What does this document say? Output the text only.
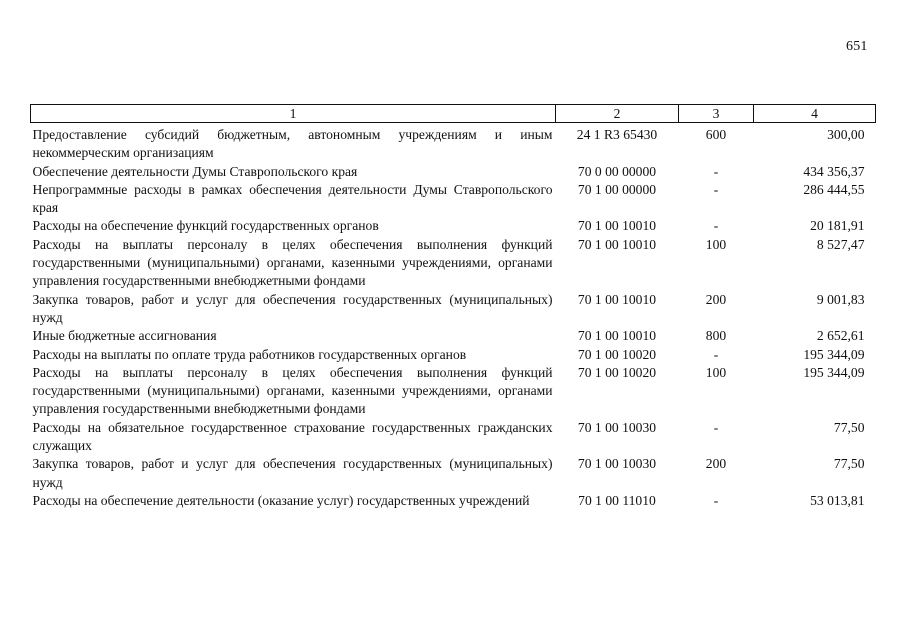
651
1	2	3	4
Предоставление субсидий бюджетным, автономным учреждениям и иным некоммерческим организациям	24 1 R3 65430	600	300,00
Обеспечение деятельности Думы Ставропольского края	70 0 00 00000	-	434 356,37
Непрограммные расходы в рамках обеспечения деятельности Думы Ставропольского края	70 1 00 00000	-	286 444,55
Расходы на обеспечение функций государственных органов	70 1 00 10010	-	20 181,91
Расходы на выплаты персоналу в целях обеспечения выполнения функций государственными (муниципальными) органами, казенными учреждениями, органами управления государственными внебюджетными фондами	70 1 00 10010	100	8 527,47
Закупка товаров, работ и услуг для обеспечения государственных (муниципальных) нужд	70 1 00 10010	200	9 001,83
Иные бюджетные ассигнования	70 1 00 10010	800	2 652,61
Расходы на выплаты по оплате труда работников государственных органов	70 1 00 10020	-	195 344,09
Расходы на выплаты персоналу в целях обеспечения выполнения функций государственными (муниципальными) органами, казенными учреждениями, органами управления государственными внебюджетными фондами	70 1 00 10020	100	195 344,09
Расходы на обязательное государственное страхование государственных гражданских служащих	70 1 00 10030	-	77,50
Закупка товаров, работ и услуг для обеспечения государственных (муниципальных) нужд	70 1 00 10030	200	77,50
Расходы на обеспечение деятельности (оказание услуг) государственных учреждений	70 1 00 11010	-	53 013,81
